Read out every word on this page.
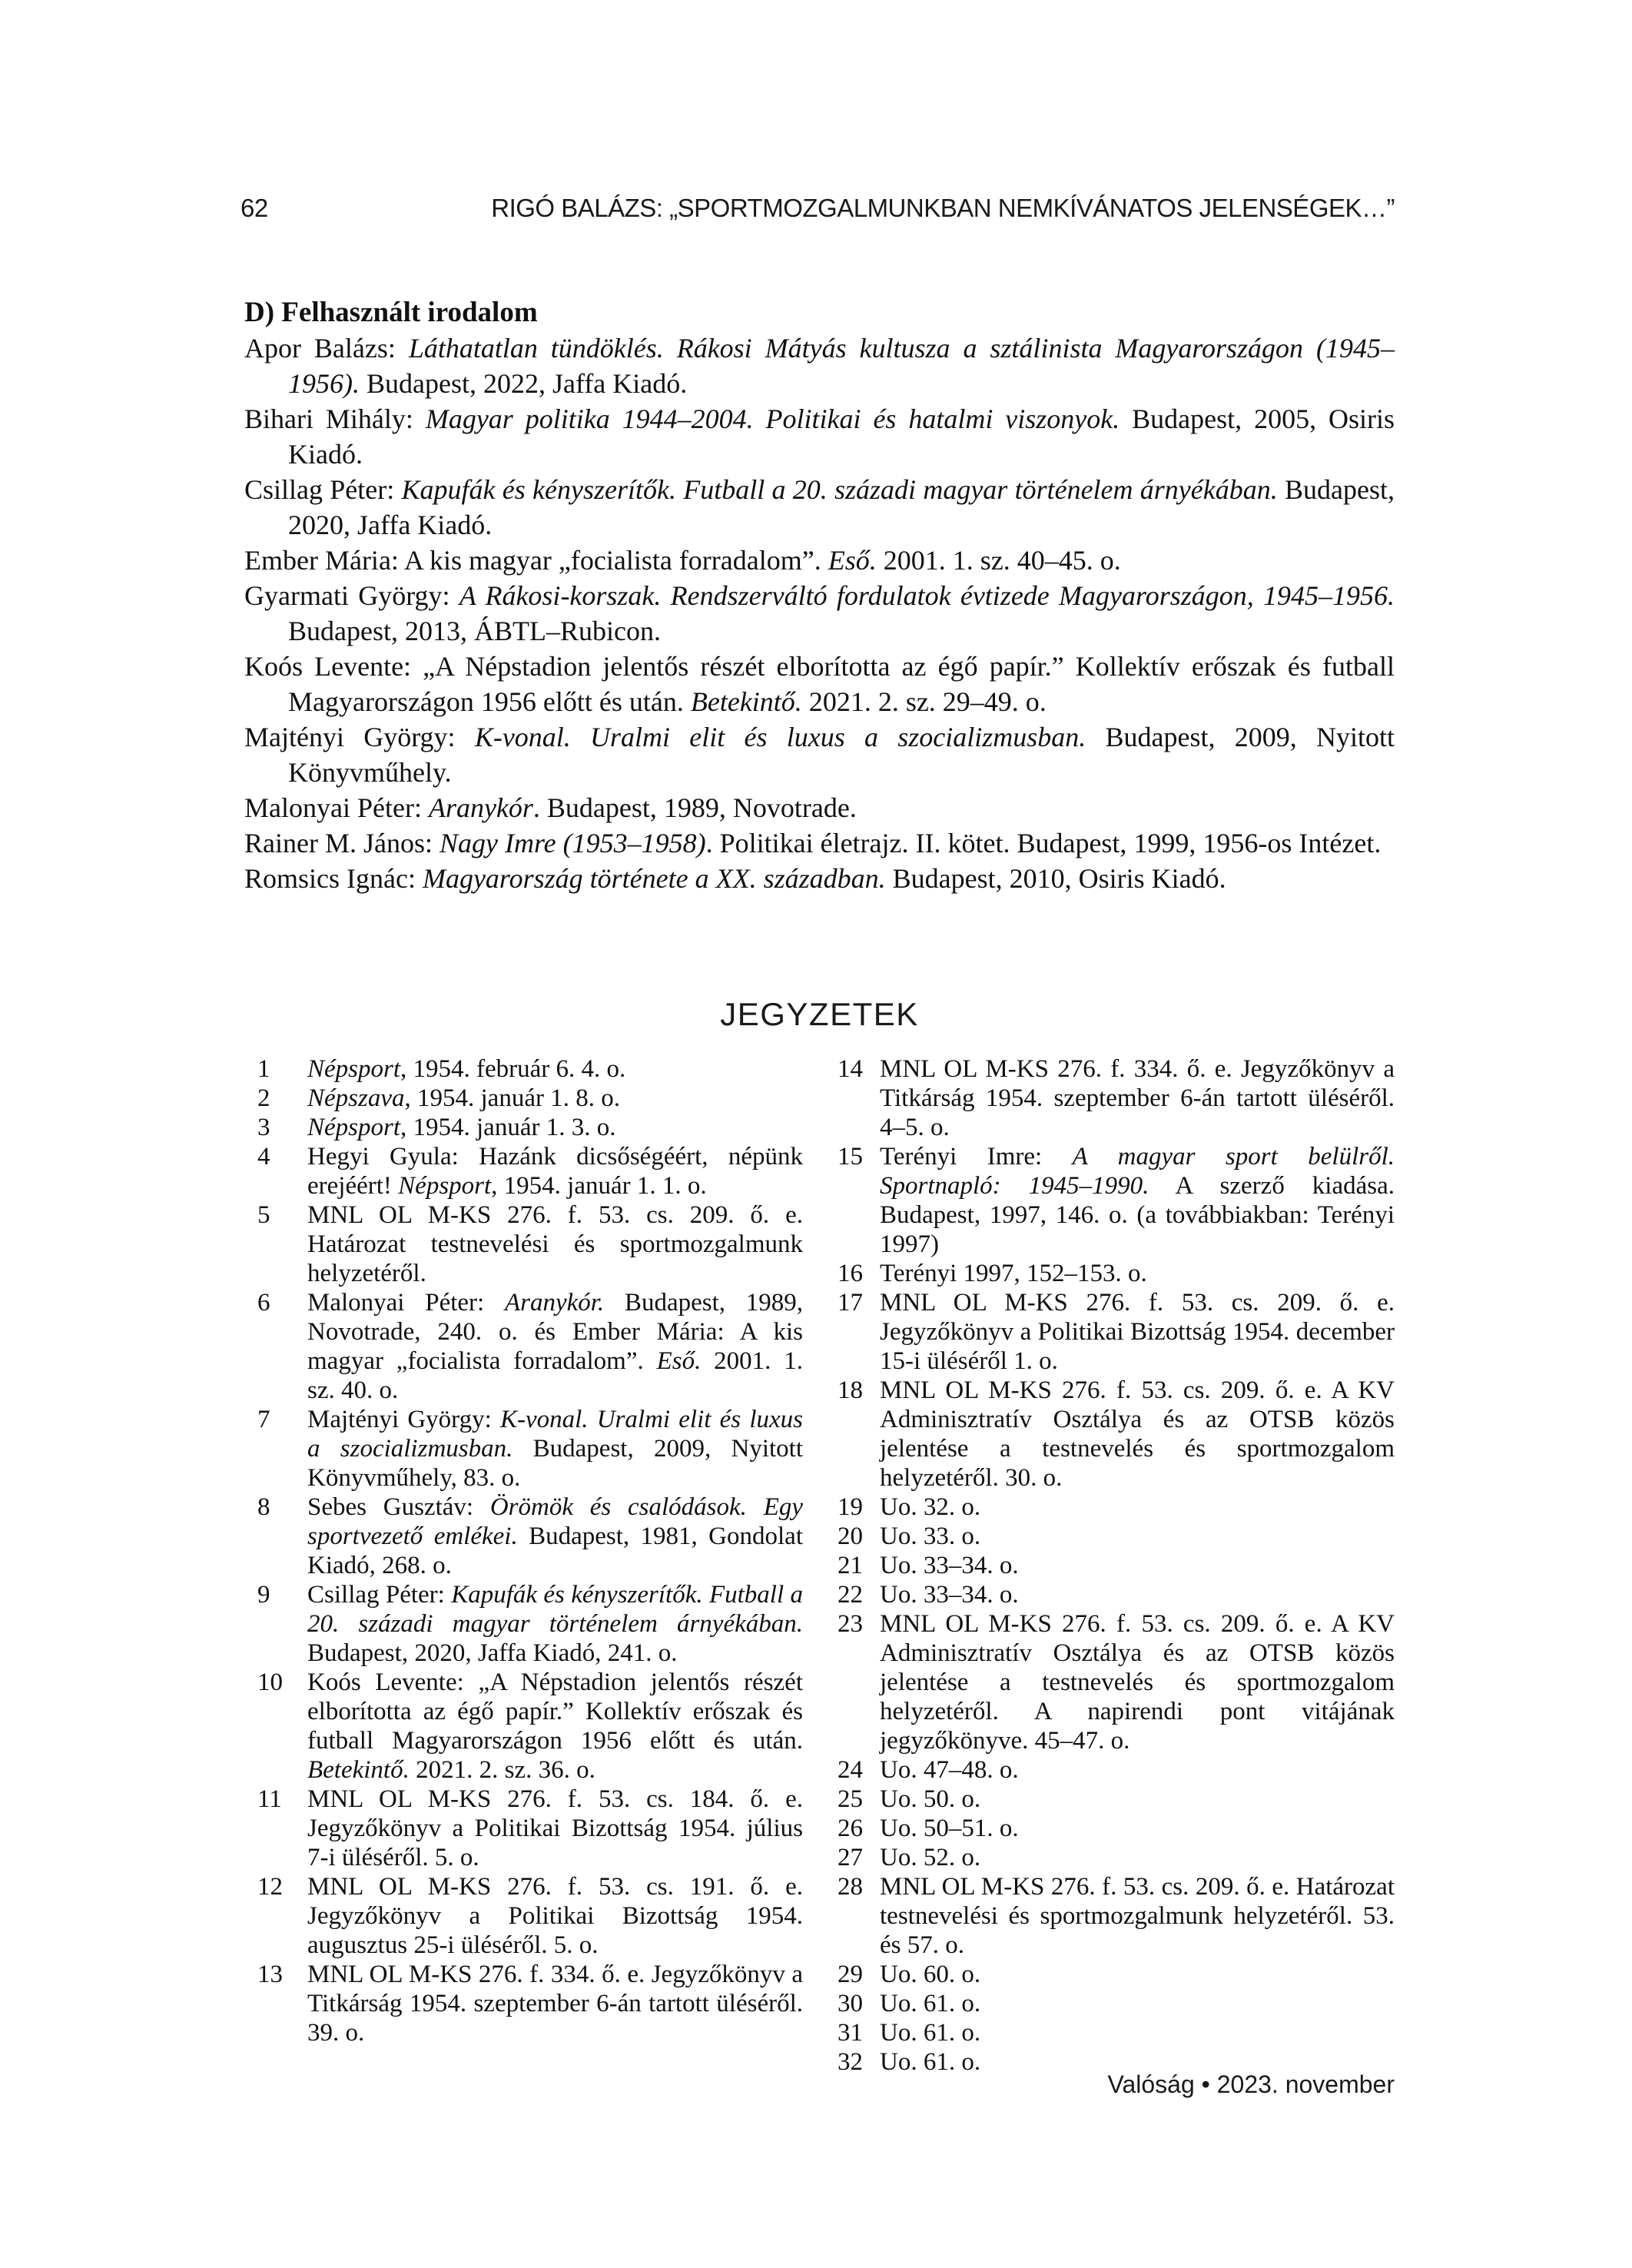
62	RIGÓ BALÁZS: „SPORTMOZGALMUNKBAN NEMKÍVÁNATOS JELENSÉGEK…”
D) Felhasznált irodalom

Apor Balázs: Láthatatlan tündöklés. Rákosi Mátyás kultusza a sztálinista Magyarországon (1945–1956). Budapest, 2022, Jaffa Kiadó.

Bihari Mihály: Magyar politika 1944–2004. Politikai és hatalmi viszonyok. Budapest, 2005, Osiris Kiadó.

Csillag Péter: Kapufák és kényszerítők. Futball a 20. századi magyar történelem árnyékában. Budapest, 2020, Jaffa Kiadó.

Ember Mária: A kis magyar „focialista forradalom”. Eső. 2001. 1. sz. 40–45. o.

Gyarmati György: A Rákosi-korszak. Rendszerváltó fordulatok évtizede Magyarországon, 1945–1956. Budapest, 2013, ÁBTL–Rubicon.

Koós Levente: „A Népstadion jelentős részét elborította az égő papír.” Kollektív erőszak és futball Magyarországon 1956 előtt és után. Betekintő. 2021. 2. sz. 29–49. o.

Majtényi György: K-vonal. Uralmi elit és luxus a szocializmusban. Budapest, 2009, Nyitott Könyvműhely.

Malonyai Péter: Aranykór. Budapest, 1989, Novotrade.

Rainer M. János: Nagy Imre (1953–1958). Politikai életrajz. II. kötet. Budapest, 1999, 1956-os Intézet.

Romsics Ignác: Magyarország története a XX. században. Budapest, 2010, Osiris Kiadó.

JEGYZETEK
1	Népsport, 1954. február 6. 4. o.
2	Népszava, 1954. január 1. 8. o.
3	Népsport, 1954. január 1. 3. o.
4	Hegyi Gyula: Hazánk dicsőségéért, népünk erejéért! Népsport, 1954. január 1. 1. o.
5	MNL OL M-KS 276. f. 53. cs. 209. ő. e. Határozat testnevelési és sportmozgalmunk helyzetéről.
6	Malonyai Péter: Aranykór. Budapest, 1989, Novotrade, 240. o. és Ember Mária: A kis magyar „focialista forradalom”. Eső. 2001. 1. sz. 40. o.
7	Majtényi György: K-vonal. Uralmi elit és luxus a szocializmusban. Budapest, 2009, Nyitott Könyvműhely, 83. o.
8	Sebes Gusztáv: Örömök és csalódások. Egy sportvezető emlékei. Budapest, 1981, Gondolat Kiadó, 268. o.
9	Csillag Péter: Kapufák és kényszerítők. Futball a 20. századi magyar történelem árnyékában. Budapest, 2020, Jaffa Kiadó, 241. o.
10 Koós Levente: „A Népstadion jelentős részét elborította az égő papír.” Kollektív erőszak és futball Magyarországon 1956 előtt és után. Betekintő. 2021. 2. sz. 36. o.
11	MNL OL M-KS 276. f. 53. cs. 184. ő. e. Jegyzőkönyv a Politikai Bizottság 1954. július 7-i üléséről. 5. o.
12 MNL OL M-KS 276. f. 53. cs. 191. ő. e. Jegyzőkönyv a Politikai Bizottság 1954. augusztus 25-i üléséről. 5. o.
13 MNL OL M-KS 276. f. 334. ő. e. Jegyzőkönyv a Titkárság 1954. szeptember 6-án tartott üléséről. 39. o.
14 MNL OL M-KS 276. f. 334. ő. e. Jegyzőkönyv a Titkárság 1954. szeptember 6-án tartott üléséről. 4–5. o.
15 Terényi Imre: A magyar sport belülről. Sportnapló: 1945–1990. A szerző kiadása. Budapest, 1997, 146. o. (a továbbiakban: Terényi 1997)
16 Terényi 1997, 152–153. o.
17 MNL OL M-KS 276. f. 53. cs. 209. ő. e. Jegyzőkönyv a Politikai Bizottság 1954. december 15-i üléséről 1. o.
18 MNL OL M-KS 276. f. 53. cs. 209. ő. e. A KV Adminisztratív Osztálya és az OTSB közös jelentése a testnevelés és sportmozgalom helyzetéről. 30. o.
19 Uo. 32. o.
20 Uo. 33. o.
21 Uo. 33–34. o.
22 Uo. 33–34. o.
23 MNL OL M-KS 276. f. 53. cs. 209. ő. e. A KV Adminisztratív Osztálya és az OTSB közös jelentése a testnevelés és sportmozgalom helyzetéről. A napirendi pont vitájának jegyzőkönyve. 45–47. o.
24 Uo. 47–48. o.
25 Uo. 50. o.
26 Uo. 50–51. o.
27 Uo. 52. o.
28 MNL OL M-KS 276. f. 53. cs. 209. ő. e. Határozat testnevelési és sportmozgalmunk helyzetéről. 53. és 57. o.
29 Uo. 60. o.
30 Uo. 61. o.
31 Uo. 61. o.
32 Uo. 61. o.
Valóság • 2023. november
